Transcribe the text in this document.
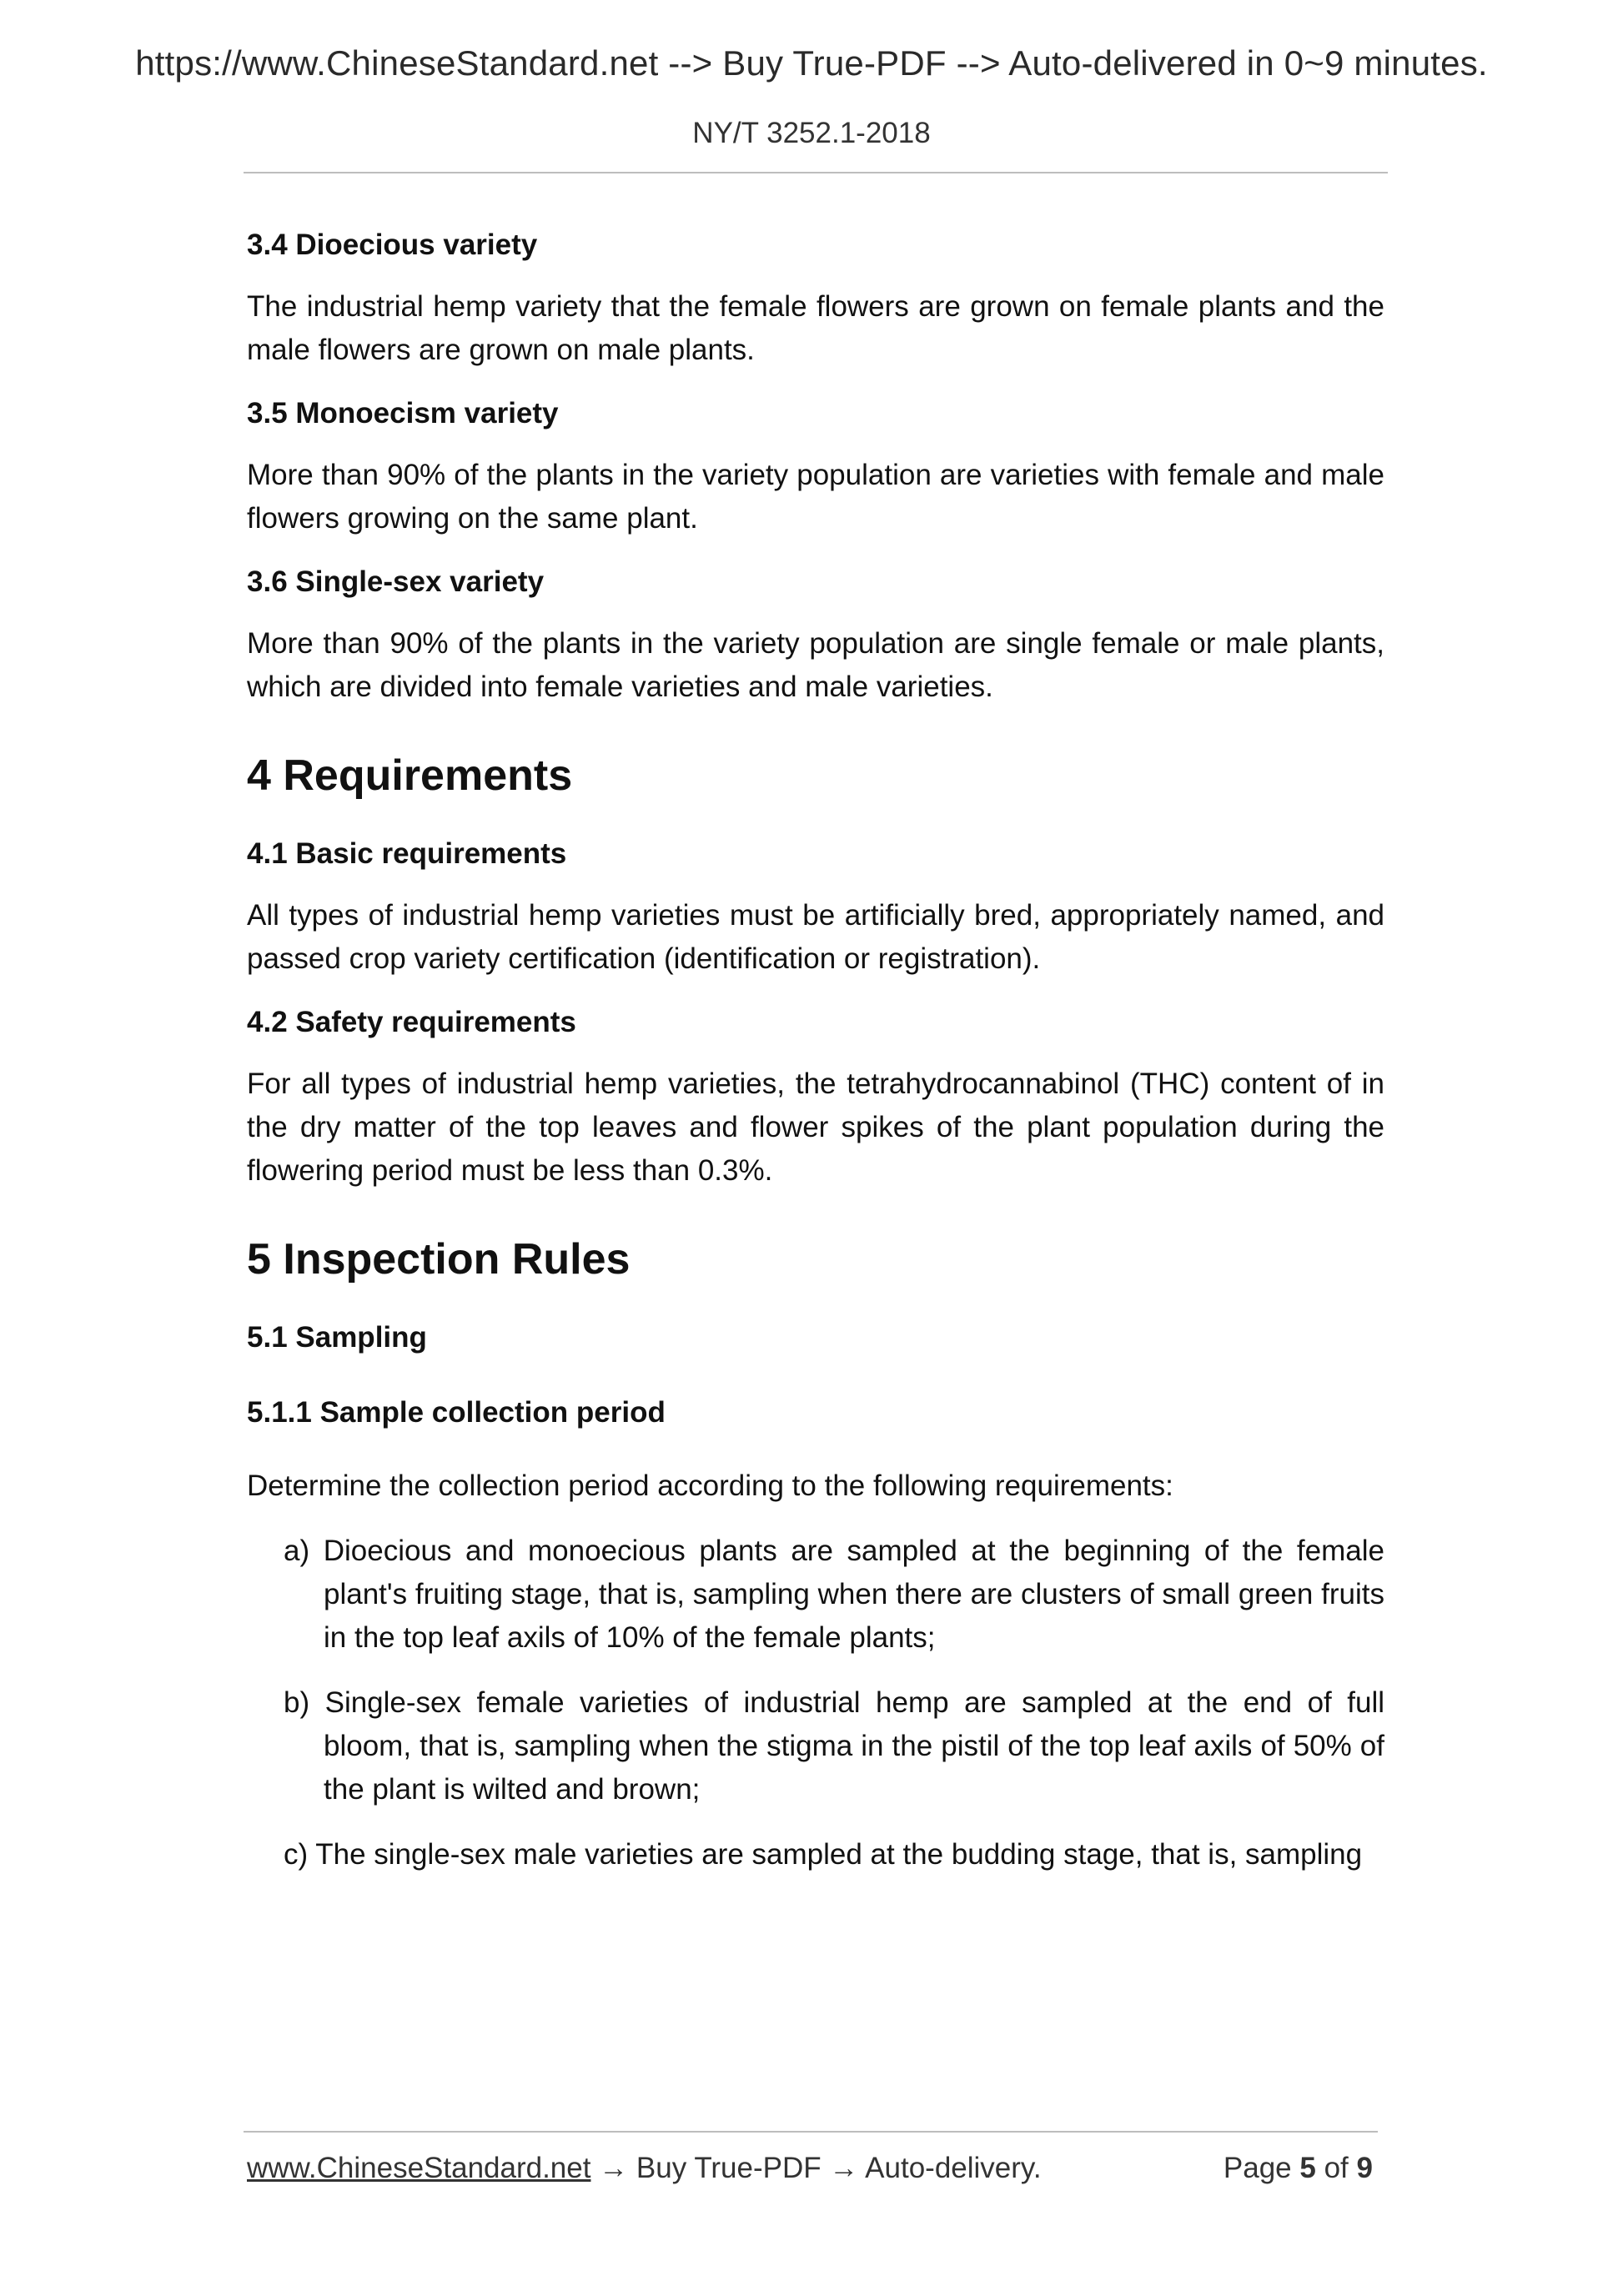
https://www.ChineseStandard.net --> Buy True-PDF --> Auto-delivered in 0~9 minutes.
NY/T 3252.1-2018

3.4 Dioecious variety

The industrial hemp variety that the female flowers are grown on female plants and the male flowers are grown on male plants.

3.5 Monoecism variety

More than 90% of the plants in the variety population are varieties with female and male flowers growing on the same plant.

3.6 Single-sex variety

More than 90% of the plants in the variety population are single female or male plants, which are divided into female varieties and male varieties.

4 Requirements

4.1 Basic requirements

All types of industrial hemp varieties must be artificially bred, appropriately named, and passed crop variety certification (identification or registration).

4.2 Safety requirements

For all types of industrial hemp varieties, the tetrahydrocannabinol (THC) content of in the dry matter of the top leaves and flower spikes of the plant population during the flowering period must be less than 0.3%.

5 Inspection Rules

5.1 Sampling

5.1.1 Sample collection period

Determine the collection period according to the following requirements:

a) Dioecious and monoecious plants are sampled at the beginning of the female plant's fruiting stage, that is, sampling when there are clusters of small green fruits in the top leaf axils of 10% of the female plants;

b) Single-sex female varieties of industrial hemp are sampled at the end of full bloom, that is, sampling when the stigma in the pistil of the top leaf axils of 50% of the plant is wilted and brown;

c) The single-sex male varieties are sampled at the budding stage, that is, sampling

www.ChineseStandard.net → Buy True-PDF → Auto-delivery.	Page 5 of 9
